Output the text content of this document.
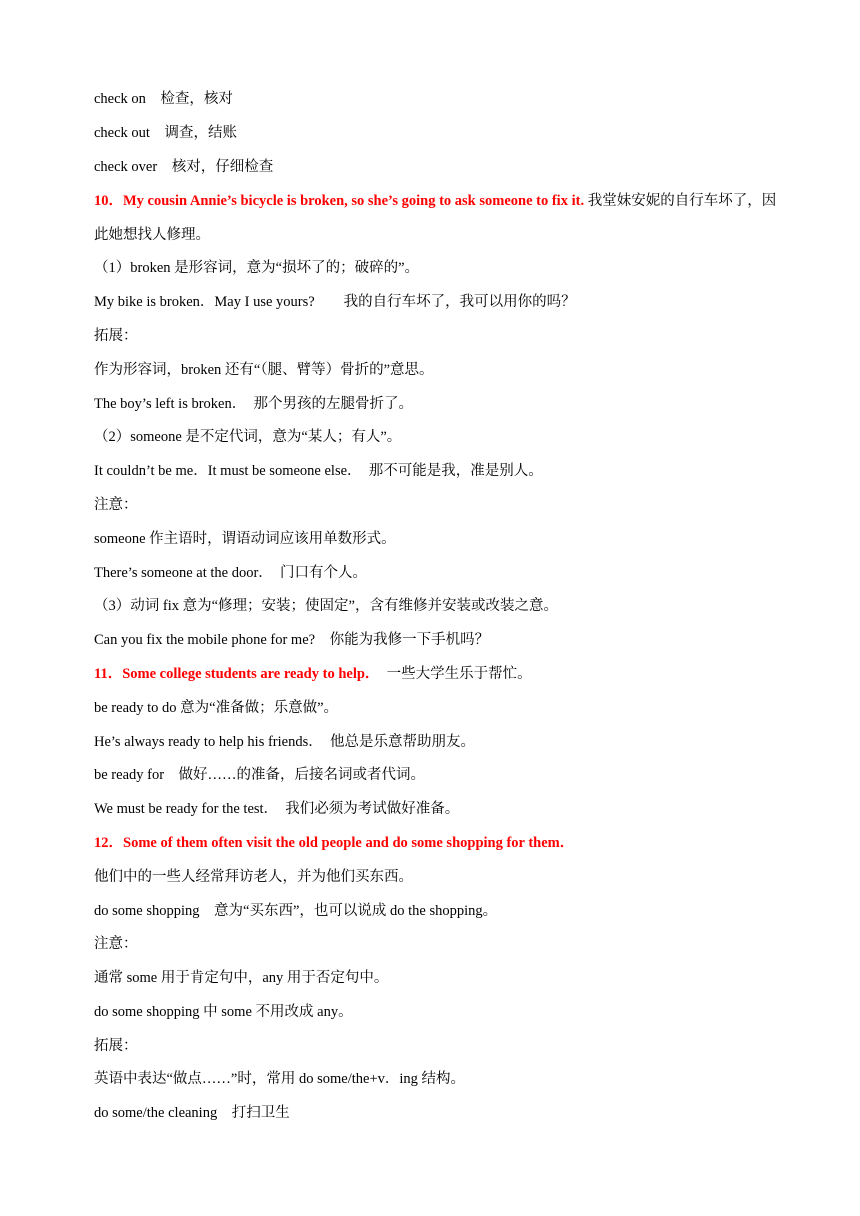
check on　检查，核对
check out　调查，结账
check over　核对，仔细检查
10．My cousin Annie’s bicycle is broken, so she’s going to ask someone to fix it. 我堂妹安妮的自行车坏了，因此她想找人修理。
（1）broken 是形容词，意为“损坏了的；破碎的”。
My bike is broken．May I use yours?　　我的自行车坏了，我可以用你的吗？
拓展：
作为形容词，broken 还有“（腿、臂等）骨折的”意思。
The boy’s left is broken．　那个男孩的左腿骨折了。
（2）someone 是不定代词，意为“某人；有人”。
It couldn’t be me．It must be someone else．　那不可能是我，准是别人。
注意：
someone 作主语时，谓语动词应该用单数形式。
There’s someone at the door．　门口有个人。
（3）动词 fix 意为“修理；安装；使固定”，含有维修并安装或改装之意。
Can you fix the mobile phone for me?　你能为我修一下手机吗？
11．Some college students are ready to help．　一些大学生乐于帮忙。
be ready to do 意为“准备做；乐意做”。
He’s always ready to help his friends．　他总是乐意帮助朋友。
be ready for　做好……的准备，后接名词或者代词。
We must be ready for the test．　我们必须为考试做好准备。
12．Some of them often visit the old people and do some shopping for them．
他们中的一些人经常拜访老人，并为他们买东西。
do some shopping　意为“买东西”，也可以说成 do the shopping。
注意：
通常 some 用于肯定句中，any 用于否定句中。
do some shopping 中 some 不用改成 any。
拓展：
英语中表达“做点……”时，常用 do some/the+v．ing 结构。
do some/the cleaning　打扫卫生
